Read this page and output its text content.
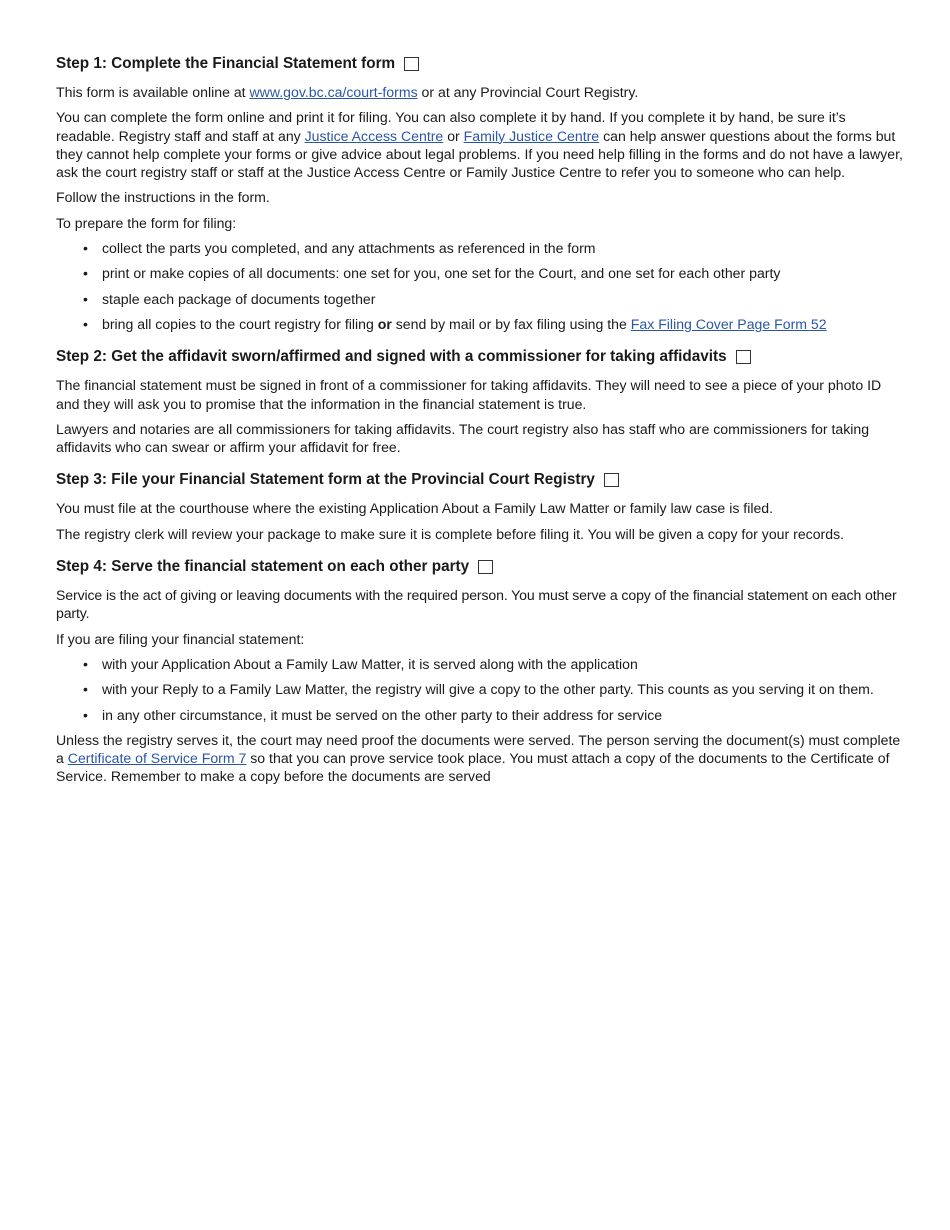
Step 1: Complete the Financial Statement form

This form is available online at www.gov.bc.ca/court-forms or at any Provincial Court Registry.

You can complete the form online and print it for filing. You can also complete it by hand. If you complete it by hand, be sure it’s readable. Registry staff and staff at any Justice Access Centre or Family Justice Centre can help answer questions about the forms but they cannot help complete your forms or give advice about legal problems. If you need help filling in the forms and do not have a lawyer, ask the court registry staff or staff at the Justice Access Centre or Family Justice Centre to refer you to someone who can help.

Follow the instructions in the form.

To prepare the form for filing:

• collect the parts you completed, and any attachments as referenced in the form
• print or make copies of all documents: one set for you, one set for the Court, and one set for each other party
• staple each package of documents together
• bring all copies to the court registry for filing or send by mail or by fax filing using the Fax Filing Cover Page Form 52
Step 2: Get the affidavit sworn/affirmed and signed with a commissioner for taking affidavits

The financial statement must be signed in front of a commissioner for taking affidavits. They will need to see a piece of your photo ID and they will ask you to promise that the information in the financial statement is true.

Lawyers and notaries are all commissioners for taking affidavits. The court registry also has staff who are commissioners for taking affidavits who can swear or affirm your affidavit for free.

Step 3: File your Financial Statement form at the Provincial Court Registry

You must file at the courthouse where the existing Application About a Family Law Matter or family law case is filed.

The registry clerk will review your package to make sure it is complete before filing it. You will be given a copy for your records.

Step 4: Serve the financial statement on each other party

Service is the act of giving or leaving documents with the required person. You must serve a copy of the financial statement on each other party.

If you are filing your financial statement:

• with your Application About a Family Law Matter, it is served along with the application
• with your Reply to a Family Law Matter, the registry will give a copy to the other party. This counts as you serving it on them.
• in any other circumstance, it must be served on the other party to their address for service

Unless the registry serves it, the court may need proof the documents were served. The person serving the document(s) must complete a Certificate of Service Form 7 so that you can prove service took place. You must attach a copy of the documents to the Certificate of Service. Remember to make a copy before the documents are served
